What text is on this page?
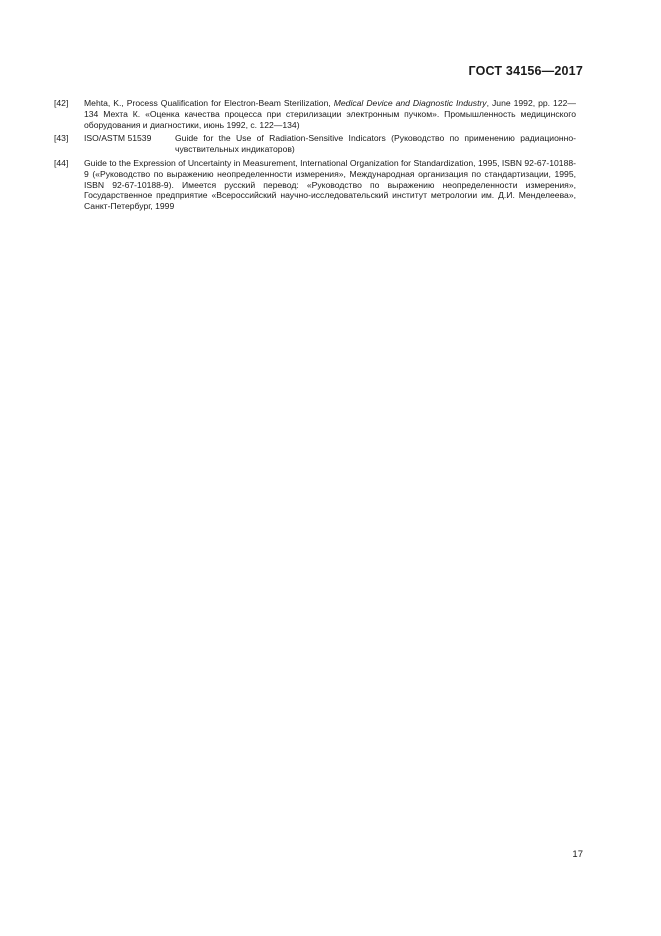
ГОСТ 34156—2017
[42]	Mehta, K., Process Qualification for Electron-Beam Sterilization, Medical Device and Diagnostic Industry, June 1992, pp. 122—134 Мехта К. «Оценка качества процесса при стерилизации электронным пучком». Промышленность медицинского оборудования и диагностики, июнь 1992, с. 122—134)

[43]	ISO/ASTM 51539	Guide for the Use of Radiation-Sensitive Indicators (Руководство по применению радиационно-чувствительных индикаторов)
[44]	Guide to the Expression of Uncertainty in Measurement, International Organization for Standardization, 1995, ISBN 92-67-10188-9 («Руководство по выражению неопределенности измерения», Международная организация по стандартизации, 1995, ISBN 92-67-10188-9). Имеется русский перевод: «Руководство по выражению неопределенности измерения», Государственное предприятие «Всероссийский научно-исследовательский институт метрологии им. Д.И. Менделеева», Санкт-Петербург, 1999

17
